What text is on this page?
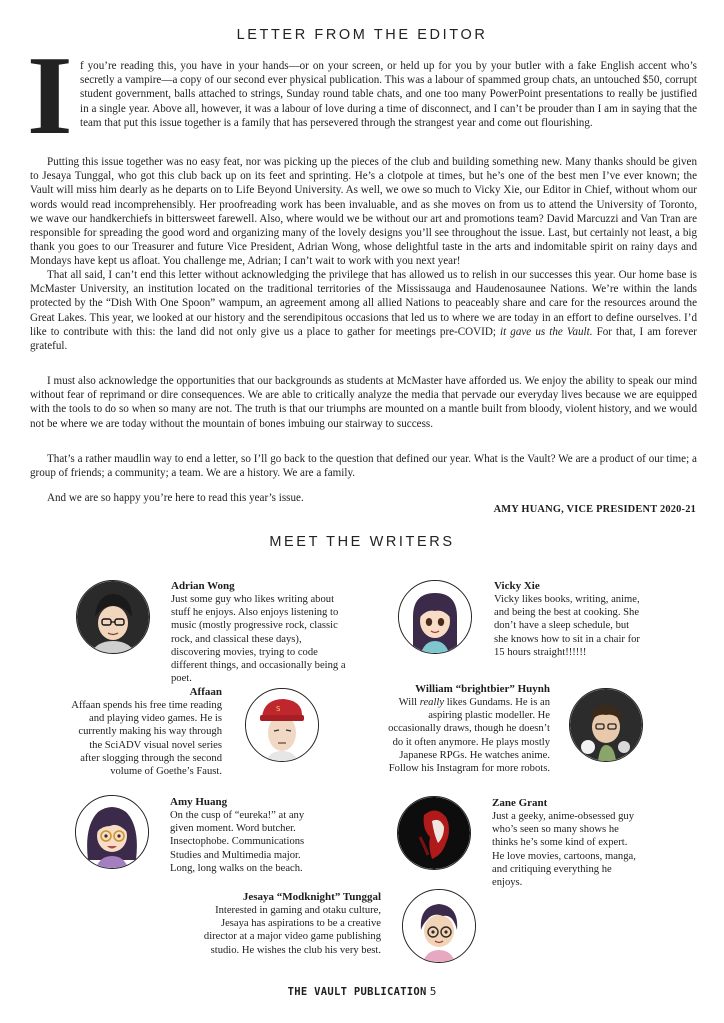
LETTER FROM THE EDITOR
I f you’re reading this, you have in your hands—or on your screen, or held up for you by your butler with a fake English accent who’s secretly a vampire—a copy of our second ever physical publication. This was a labour of spammed group chats, an untouched $50, corrupt student government, balls attached to strings, Sunday round table chats, and one too many PowerPoint presentations to really be justified in a single year. Above all, however, it was a labour of love during a time of disconnect, and I can’t be prouder than I am in saying that the team that put this issue together is a family that has persevered through the strangest year and come out flourishing.

Putting this issue together was no easy feat, nor was picking up the pieces of the club and building something new. Many thanks should be given to Jesaya Tunggal, who got this club back up on its feet and sprinting. He’s a clotpole at times, but he’s one of the best men I’ve ever known; the Vault will miss him dearly as he departs on to Life Beyond University. As well, we owe so much to Vicky Xie, our Editor in Chief, without whom our words would read incomprehensibly. Her proofreading work has been invaluable, and as she moves on from us to attend the University of Toronto, we wave our handkerchiefs in bittersweet farewell. Also, where would we be without our art and promotions team? David Marcuzzi and Van Tran are responsible for spreading the good word and organizing many of the lovely designs you’ll see throughout the issue. Last, but certainly not least, a big thank you goes to our Treasurer and future Vice President, Adrian Wong, whose delightful taste in the arts and indomitable spirit on rainy days and Mondays have kept us afloat. You challenge me, Adrian; I can’t wait to work with you next year!

That all said, I can’t end this letter without acknowledging the privilege that has allowed us to relish in our successes this year. Our home base is McMaster University, an institution located on the traditional territories of the Mississauga and Haudenosaunee Nations. We’re within the lands protected by the “Dish With One Spoon” wampum, an agreement among all allied Nations to peaceably share and care for the resources around the Great Lakes. This year, we looked at our history and the serendipitous occasions that led us to where we are today in an effort to define ourselves. I’d like to contribute with this: the land did not only give us a place to gather for meetings pre-COVID; it gave us the Vault. For that, I am forever grateful.

I must also acknowledge the opportunities that our backgrounds as students at McMaster have afforded us. We enjoy the ability to speak our mind without fear of reprimand or dire consequences. We are able to critically analyze the media that pervade our everyday lives because we are equipped with the tools to do so when so many are not. The truth is that our triumphs are mounted on a mantle built from bloody, violent history, and we would not be where we are today without the mountain of bones imbuing our stairway to success.

That’s a rather maudlin way to end a letter, so I’ll go back to the question that defined our year. What is the Vault? We are a product of our time; a group of friends; a community; a team. We are a history. We are a family.

And we are so happy you’re here to read this year’s issue.

AMY HUANG, VICE PRESIDENT 2020-21
MEET THE WRITERS
Adrian Wong

Just some guy who likes writing about stuff he enjoys. Also enjoys listening to music (mostly progressive rock, classic rock, and classical these days), discovering movies, trying to code different things, and occasionally being a poet.

Vicky Xie

Vicky likes books, writing, anime, and being the best at cooking. She don’t have a sleep schedule, but she knows how to sit in a chair for 15 hours straight!!!!!!

Affaan

Affaan spends his free time reading and playing video games. He is currently making his way through the SciADV visual novel series after slogging through the second volume of Goethe’s Faust.

S
William “brightbier” Huynh

Will really likes Gundams. He is an aspiring plastic modeller. He occasionally draws, though he doesn’t do it often anymore. He plays mostly Japanese RPGs. He watches anime. Follow his Instagram for more robots.

Amy Huang

On the cusp of “eureka!” at any given moment. Word butcher. Insectophobe. Communications Studies and Multimedia major. Long, long walks on the beach.

Zane Grant

Just a geeky, anime-obsessed guy who’s seen so many shows he thinks he’s some kind of expert. He love movies, cartoons, manga, and critiquing everything he enjoys.

Jesaya “Modknight” Tunggal

Interested in gaming and otaku culture, Jesaya has aspirations to be a creative director at a major video game publishing studio. He wishes the club his very best.

THE VAULT PUBLICATION 5
